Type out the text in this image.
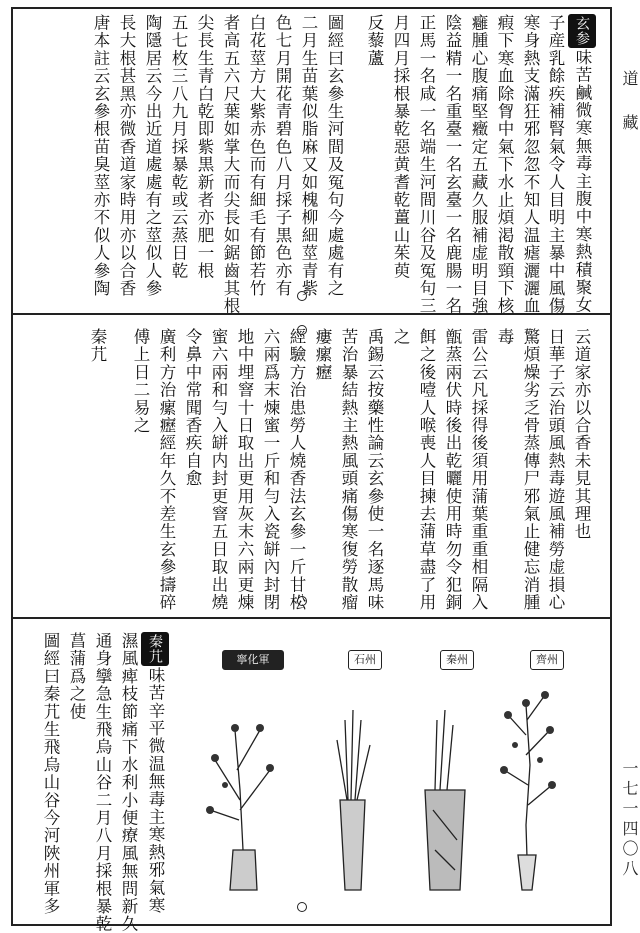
道藏
一七一四〇八
玄参味苦鹹微寒無毒主腹中寒熱積聚女
子産乳餘疾補腎氣令人目明主暴中風傷
寒身熱支滿狂邪忽忽不知人温瘧灑灑血
瘕下寒血除胷中氣下水止煩渇散頸下核
癰腫心腹痛堅癥定五藏久服補虚明目強
陰益精一名重臺一名玄臺一名鹿腸一名
正馬一名咸一名端生河間川谷及冤句三
月四月採根暴乾惡黄耆乾薑山茱萸
反藜蘆
圖經曰玄參生河間及冤句今處處有之
二月生苗葉似脂麻又如槐柳細莖青紫
色七月開花青碧色八月採子黒色亦有
白花莖方大紫赤色而有細毛有節若竹
者高五六尺葉如掌大而尖長如鋸齒其根
尖長生青白乾即紫黒新者亦肥一根
五七枚三八九月採暴乾或云蒸日乾
陶隱居云今出近道處處有之莖似人參
長大根甚黑亦微香道家時用亦以合香
唐本註云玄參根苗臭莖亦不似人參陶
云道家亦以合香未見其理也
日華子云治頭風熱毒遊風補勞虚損心
驚煩燥劣乏骨蒸傳尸邪氣止健忘消腫
毒
雷公云凡採得後須用蒲葉重重相隔入
甑蒸兩伏時後出乾曬使用時勿令犯銅
餌之後噎人喉喪人目揀去蒲草盡了用
之
禹錫云按藥性論云玄參使一名逐馬味
苦治暴結熱主熱風頭痛傷寒復勞散瘤
瘻瘰癧
經驗方治患勞人燒香法玄參一斤甘松
六兩爲末煉蜜一斤和勻入瓷缾內封閉
地中埋窨十日取出更用灰末六兩更煉
蜜六兩和勻入缾内封更窨五日取出燒
令鼻中常聞香疾自愈
廣利方治瘰癧經年久不差生玄參擣碎
傅上日二易之
秦芁
齊州
秦州
石州
寧化軍
秦芁味苦辛平微温無毒主寒熱邪氣寒
濕風痺枝節痛下水利小便療風無問新久
通身攣急生飛烏山谷二月八月採根暴乾
菖蒲爲之使
圖經曰秦芁生飛烏山谷今河陜州軍多
